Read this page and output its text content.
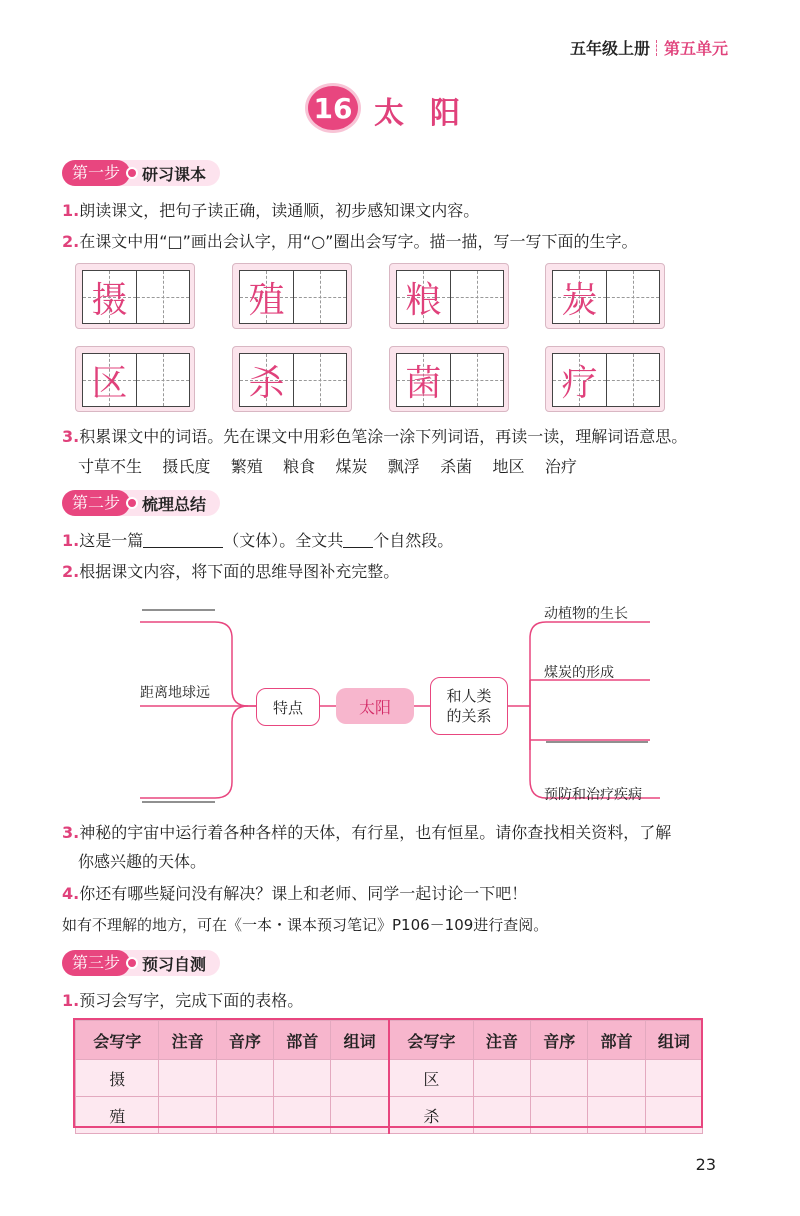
五年级上册 第五单元
16 太阳
第一步	研习课本
1.朗读课文，把句子读正确，读通顺，初步感知课文内容。
2.在课文中用“□”画出会认字，用“○”圈出会写字。描一描，写一写下面的生字。
摄	殖	粮	炭
区	杀	菌	疗
3.积累课文中的词语。先在课文中用彩色笔涂一涂下列词语，再读一读，理解词语意思。
寸草不生 摄氏度 繁殖 粮食 煤炭 飘浮 杀菌 地区 治疗
第二步	梳理总结
1.这是一篇	（文体）。全文共 个自然段。
2.根据课文内容，将下面的思维导图补充完整。
距离地球远
特点	太阳
和人类
的关系
动植物的生长
煤炭的形成
预防和治疗疾病
3.神秘的宇宙中运行着各种各样的天体，有行星，也有恒星。请你查找相关资料，了解
你感兴趣的天体。
4.你还有哪些疑问没有解决？课上和老师、同学一起讨论一下吧！
如有不理解的地方，可在《一本・课本预习笔记》P106－109进行查阅。
第三步	预习自测
1.预习会写字，完成下面的表格。
会写字	注音	音序	部首	组词	会写字	注音	音序	部首	组词
摄					区				
殖					杀				
23
